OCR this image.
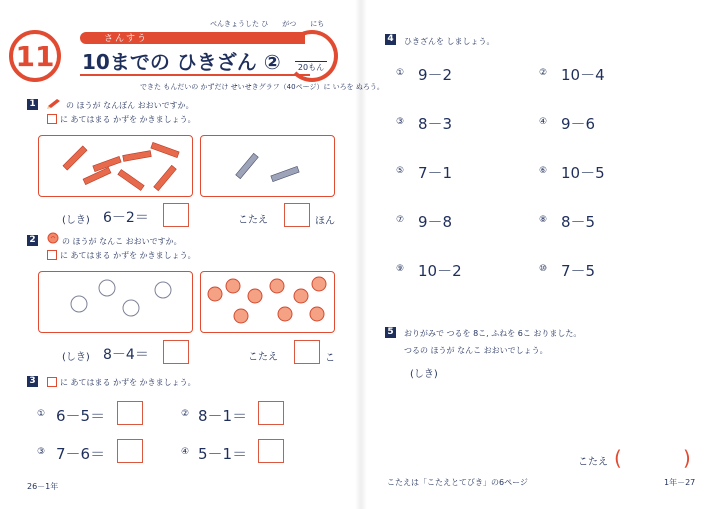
11
さんすう
べんきょうした ひ　　がつ　　にち
10までの ひきざん ②	20もん
できた もんだいの かずだけ せいせきグラフ（40ページ）に いろを ぬろう。
1	の ほうが なんぼん おおいですか。
に あてはまる かずを かきましょう。
(しき) 6－2＝	こたえ	ほん
2	の ほうが なんこ おおいですか。
に あてはまる かずを かきましょう。
(しき) 8－4＝	こたえ	こ
3	に あてはまる かずを かきましょう。
① 6－5＝	② 8－1＝
③ 7－6＝	④ 5－1＝
26－1年
4 ひきざんを しましょう。
① 9－2	② 10－4
③ 8－3	④ 9－6
⑤ 7－1	⑥ 10－5
⑦ 9－8	⑧ 8－5
⑨ 10－2	⑩ 7－5
5 おりがみで つるを 8こ, ふねを 6こ おりました。
つるの ほうが なんこ おおいでしょう。
(しき)
こたえ (	)
こたえは「こたえとてびき」の6ページ	1年－27
